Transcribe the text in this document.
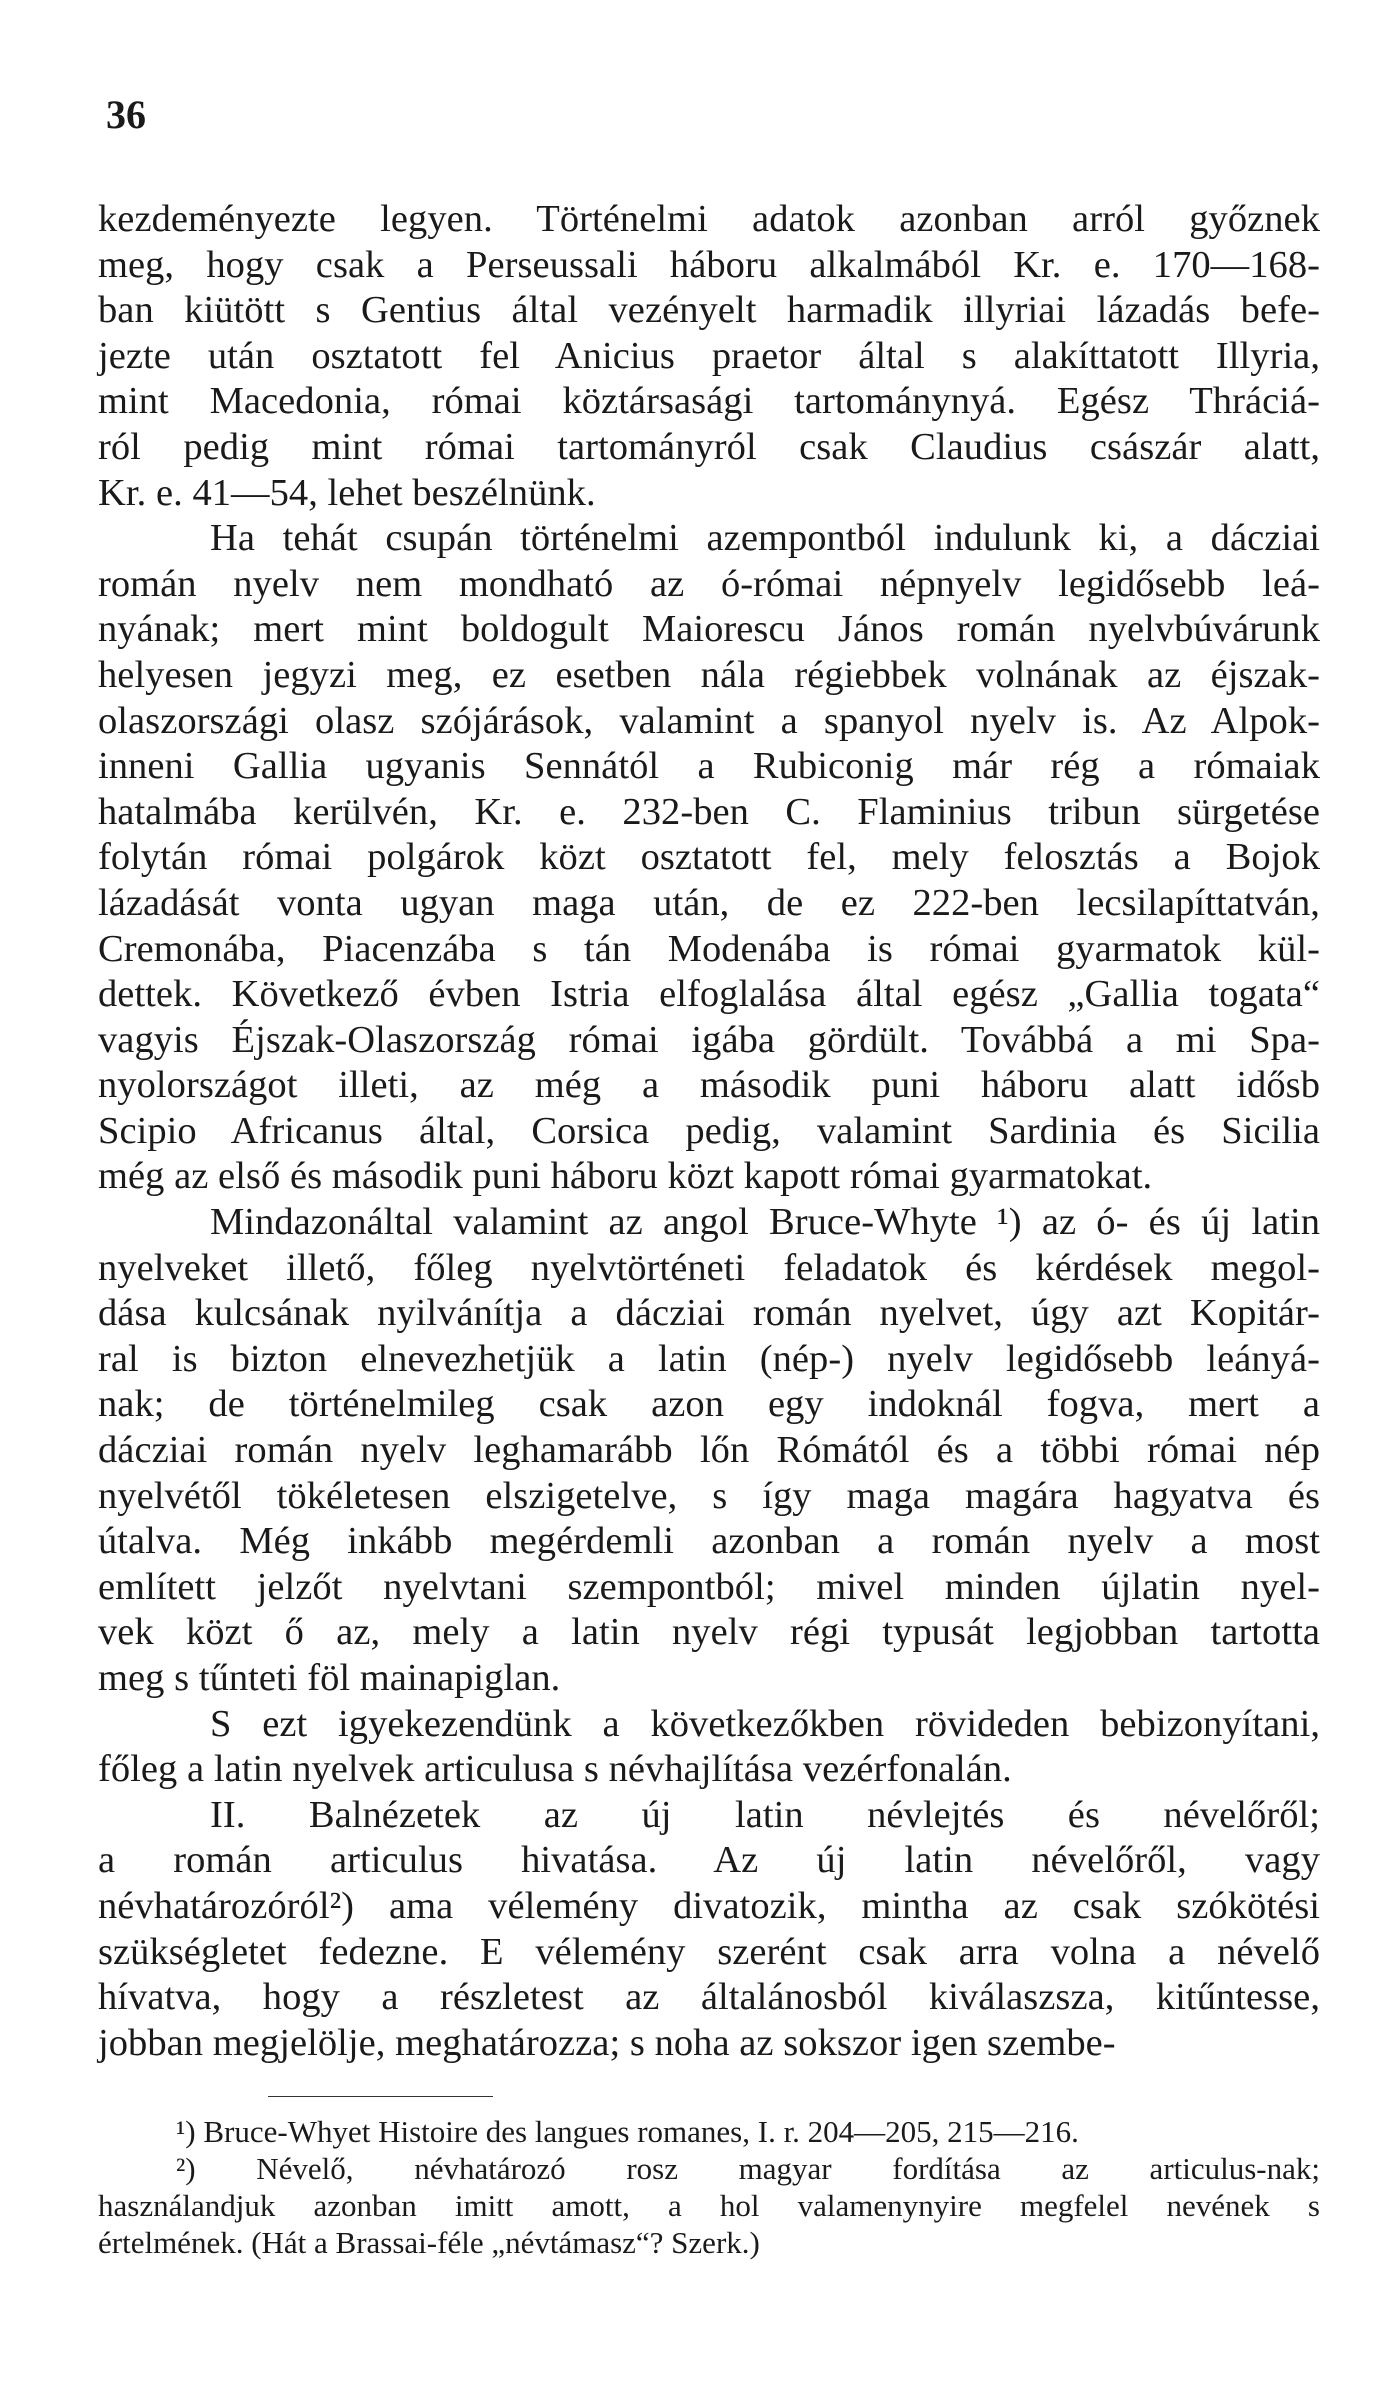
36
kezdeményezte legyen. Történelmi adatok azonban arról győznek
meg, hogy csak a Perseussali háboru alkalmából Kr. e. 170—168-
ban kiütött s Gentius által vezényelt harmadik illyriai lázadás befe-
jezte után osztatott fel Anicius praetor által s alakíttatott Illyria,
mint Macedonia, római köztársasági tartománynyá. Egész Thráciá-
ról pedig mint római tartományról csak Claudius császár alatt,
Kr. e. 41—54, lehet beszélnünk.
Ha tehát csupán történelmi azempontból indulunk ki, a dácziai
román nyelv nem mondható az ó-római népnyelv legidősebb leá-
nyának; mert mint boldogult Maiorescu János román nyelvbúvárunk
helyesen jegyzi meg, ez esetben nála régiebbek volnának az éjszak-
olaszországi olasz szójárások, valamint a spanyol nyelv is. Az Alpok-
inneni Gallia ugyanis Sennától a Rubiconig már rég a rómaiak
hatalmába kerülvén, Kr. e. 232-ben C. Flaminius tribun sürgetése
folytán római polgárok közt osztatott fel, mely felosztás a Bojok
lázadását vonta ugyan maga után, de ez 222-ben lecsilapíttatván,
Cremonába, Piacenzába s tán Modenába is római gyarmatok kül-
dettek. Következő évben Istria elfoglalása által egész „Gallia togata“
vagyis Éjszak-Olaszország római igába gördült. Továbbá a mi Spa-
nyolországot illeti, az még a második puni háboru alatt idősb
Scipio Africanus által, Corsica pedig, valamint Sardinia és Sicilia
még az első és második puni háboru közt kapott római gyarmatokat.
Mindazonáltal valamint az angol Bruce-Whyte ¹) az ó- és új latin
nyelveket illető, főleg nyelvtörténeti feladatok és kérdések megol-
dása kulcsának nyilvánítja a dácziai román nyelvet, úgy azt Kopitár-
ral is bizton elnevezhetjük a latin (nép-) nyelv legidősebb leányá-
nak; de történelmileg csak azon egy indoknál fogva, mert a
dácziai román nyelv leghamarább lőn Rómától és a többi római nép
nyelvétől tökéletesen elszigetelve, s így maga magára hagyatva és
útalva. Még inkább megérdemli azonban a román nyelv a most
említett jelzőt nyelvtani szempontból; mivel minden újlatin nyel-
vek közt ő az, mely a latin nyelv régi typusát legjobban tartotta
meg s tűnteti föl mainapiglan.
S ezt igyekezendünk a következőkben rövideden bebizonyítani,
főleg a latin nyelvek articulusa s névhajlítása vezérfonalán.
II. Balnézetek az új latin névlejtés és névelőről;
a román articulus hivatása. Az új latin névelőről, vagy
névhatározóról²) ama vélemény divatozik, mintha az csak szókötési
szükségletet fedezne. E vélemény szerént csak arra volna a névelő
hívatva, hogy a részletest az általánosból kiválaszsza, kitűntesse,
jobban megjelölje, meghatározza; s noha az sokszor igen szembe-
¹) Bruce-Whyet Histoire des langues romanes, I. r. 204—205, 215—216.
²) Névelő, névhatározó rosz magyar fordítása az articulus-nak;
használandjuk azonban imitt amott, a hol valamenynyire megfelel nevének s
értelmének. (Hát a Brassai-féle „névtámasz“? Szerk.)
